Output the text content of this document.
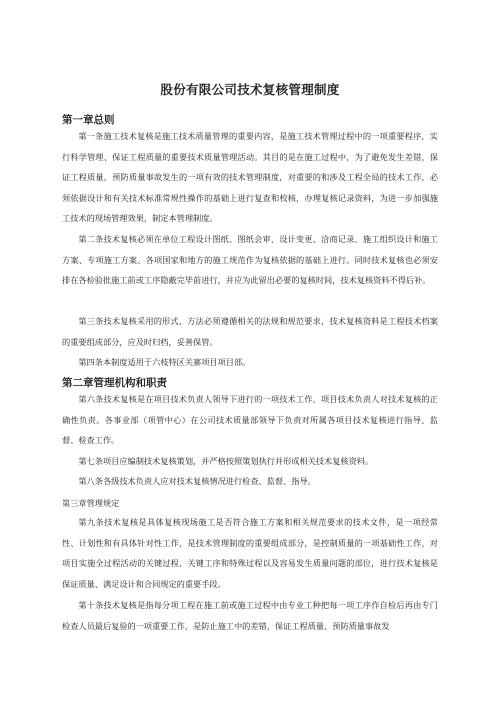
股份有限公司技术复核管理制度
第一章总则

第一条施工技术复核是施工技术质量管理的重要内容，是施工技术管理过程中的一项重要程序，实行科学管理、保证工程质量的重要技术质量管理活动。其目的是在施工过程中，为了避免发生差错，保证工程质量，预防质量事故发生的一项有效的技术管理制度，对重要的和涉及工程全局的技术工作，必须依据设计和有关技术标准常规性操作的基础上进行复查和校核，办理复核记录资料，为进一步加强施工技术的现场管理效果，制定本管理制度。

第二条技术复核必须在单位工程设计图纸、图纸会审、设计变更、洽商记录、施工组织设计和施工方案、专项施工方案、各项国家和地方的施工规范作为复核依据的基础上进行。同时技术复核也必须安排在各检验批施工前或工序隐蔽完毕前进行，并应为此留出必要的复核时间，技术复核资料不得后补。

第三条技术复核采用的形式、方法必须遵循相关的法规和规范要求，技术复核资料是工程技术档案的重要组成部分，应及时归档，妥善保管。

第四条本制度适用于六枝特区关寨项目项目部。

第二章管理机构和职责

第六条技术复核是在项目技术负责人领导下进行的一项技术工作，项目技术负责人对技术复核的正确性负责。各事业部（项管中心）在公司技术质量部领导下负责对所属各项目技术复核进行指导、监督、检查工作。

第七条项目应编制技术复核策划，并严格按照策划执行并形成相关技术复核资料。

第八条各级技术负责人应对技术复核情况进行检查、监督、指导。

第三章管理规定

第九条技术复核是具体复核现场施工是否符合施工方案和相关规范要求的技术文件，是一项经常性、计划性和有具体针对性工作，是技术管理制度的重要组成部分，是控制质量的一项基础性工作，对项目实施全过程活动的关键过程、关键工序和特殊过程以及容易发生质量问题的部位，进行技术复核是保证质量、满足设计和合同规定的重要手段。

第十条技术复核是指每分项工程在施工前或施工过程中由专业工种把每一项工序作自检后再由专门检查人员最后复验的一项重要工作，是防止施工中的差错，保证工程质量、预防质量事故发
